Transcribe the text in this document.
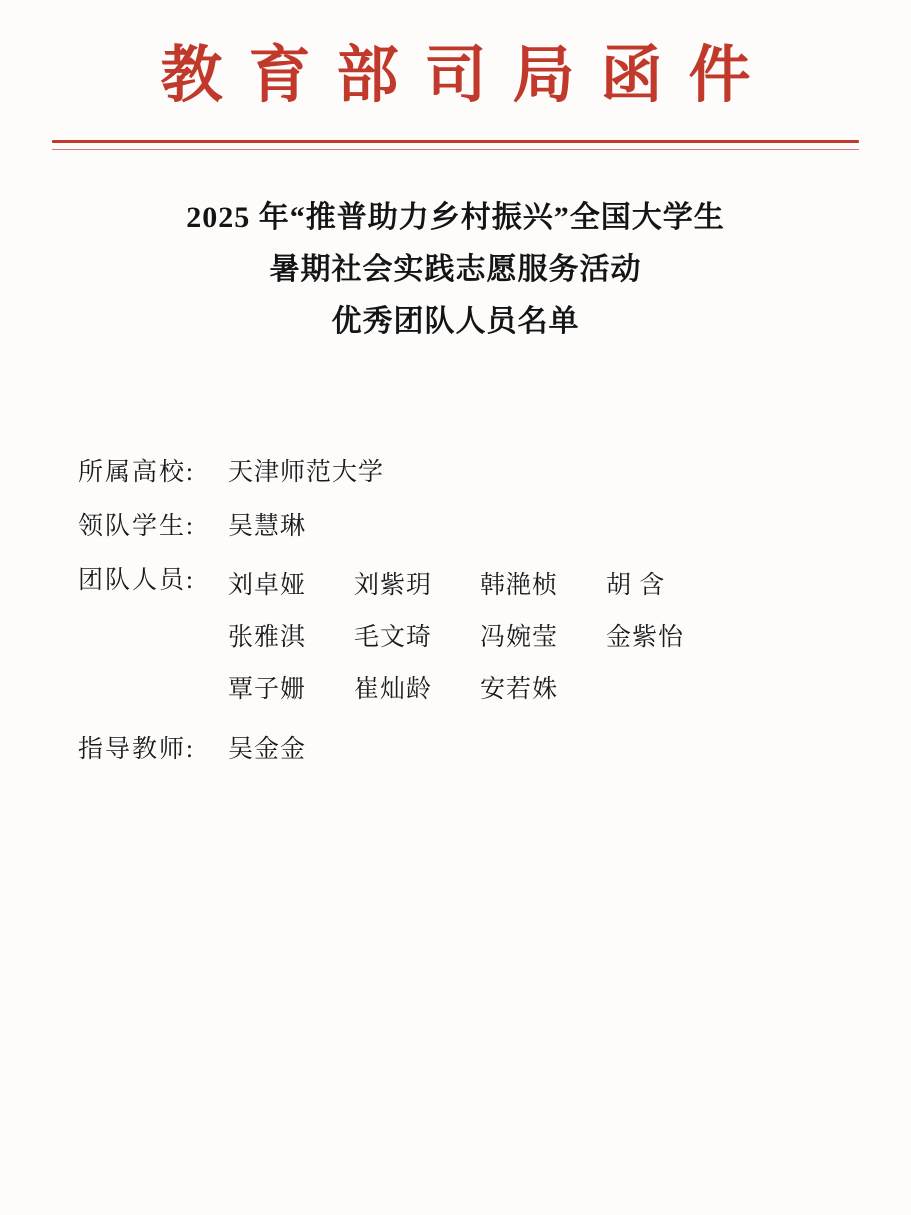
教育部司局函件
2025 年“推普助力乡村振兴”全国大学生
暑期社会实践志愿服务活动
优秀团队人员名单
所属高校:	天津师范大学
领队学生:	吴慧琳
团队人员:	刘卓娅	刘紫玥	韩滟桢	胡 含
张雅淇	毛文琦	冯婉莹	金紫怡
覃子姗	崔灿龄	安若姝
指导教师:	吴金金
